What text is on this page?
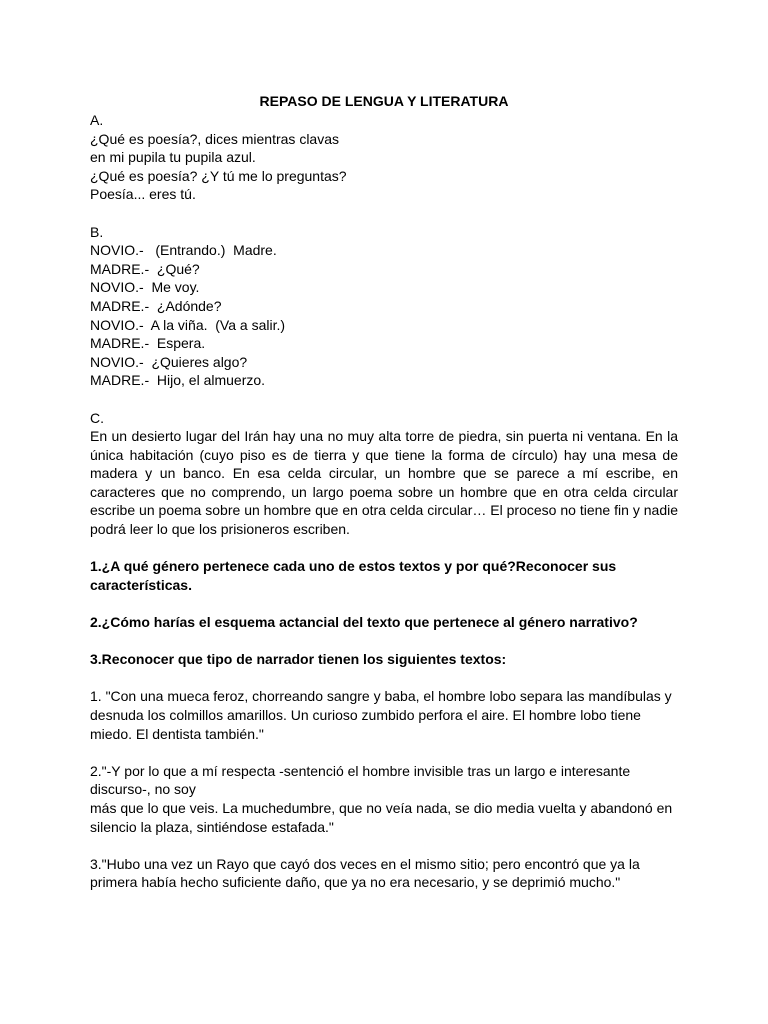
REPASO DE LENGUA Y LITERATURA

A.
¿Qué es poesía?, dices mientras clavas
en mi pupila tu pupila azul.
¿Qué es poesía? ¿Y tú me lo preguntas?
Poesía... eres tú.
B.
NOVIO.-   (Entrando.)  Madre.
MADRE.-  ¿Qué?
NOVIO.-  Me voy.
MADRE.-  ¿Adónde?
NOVIO.-  A la viña.  (Va a salir.)
MADRE.-  Espera.
NOVIO.-  ¿Quieres algo?
MADRE.-  Hijo, el almuerzo.
C.

En un desierto lugar del Irán hay una no muy alta torre de piedra, sin puerta ni ventana. En la única habitación (cuyo piso es de tierra y que tiene la forma de círculo) hay una mesa de madera y un banco. En esa celda circular, un hombre que se parece a mí escribe, en caracteres que no comprendo, un largo poema sobre un hombre que en otra celda circular escribe un poema sobre un hombre que en otra celda circular… El proceso no tiene fin y nadie podrá leer lo que los prisioneros escriben.

1.¿A qué género pertenece cada uno de estos textos y por qué?Reconocer sus características.

2.¿Cómo harías el esquema actancial del texto que pertenece al género narrativo?

3.Reconocer que tipo de narrador tienen los siguientes textos:

1. "Con una mueca feroz, chorreando sangre y baba, el hombre lobo separa las mandíbulas y desnuda los colmillos amarillos. Un curioso zumbido perfora el aire. El hombre lobo tiene miedo. El dentista también."

2."-Y por lo que a mí respecta -sentenció el hombre invisible tras un largo e interesante discurso-, no soy

más que lo que veis. La muchedumbre, que no veía nada, se dio media vuelta y abandonó en silencio la plaza, sintiéndose estafada."

3."Hubo una vez un Rayo que cayó dos veces en el mismo sitio; pero encontró que ya la primera había hecho suficiente daño, que ya no era necesario, y se deprimió mucho."
